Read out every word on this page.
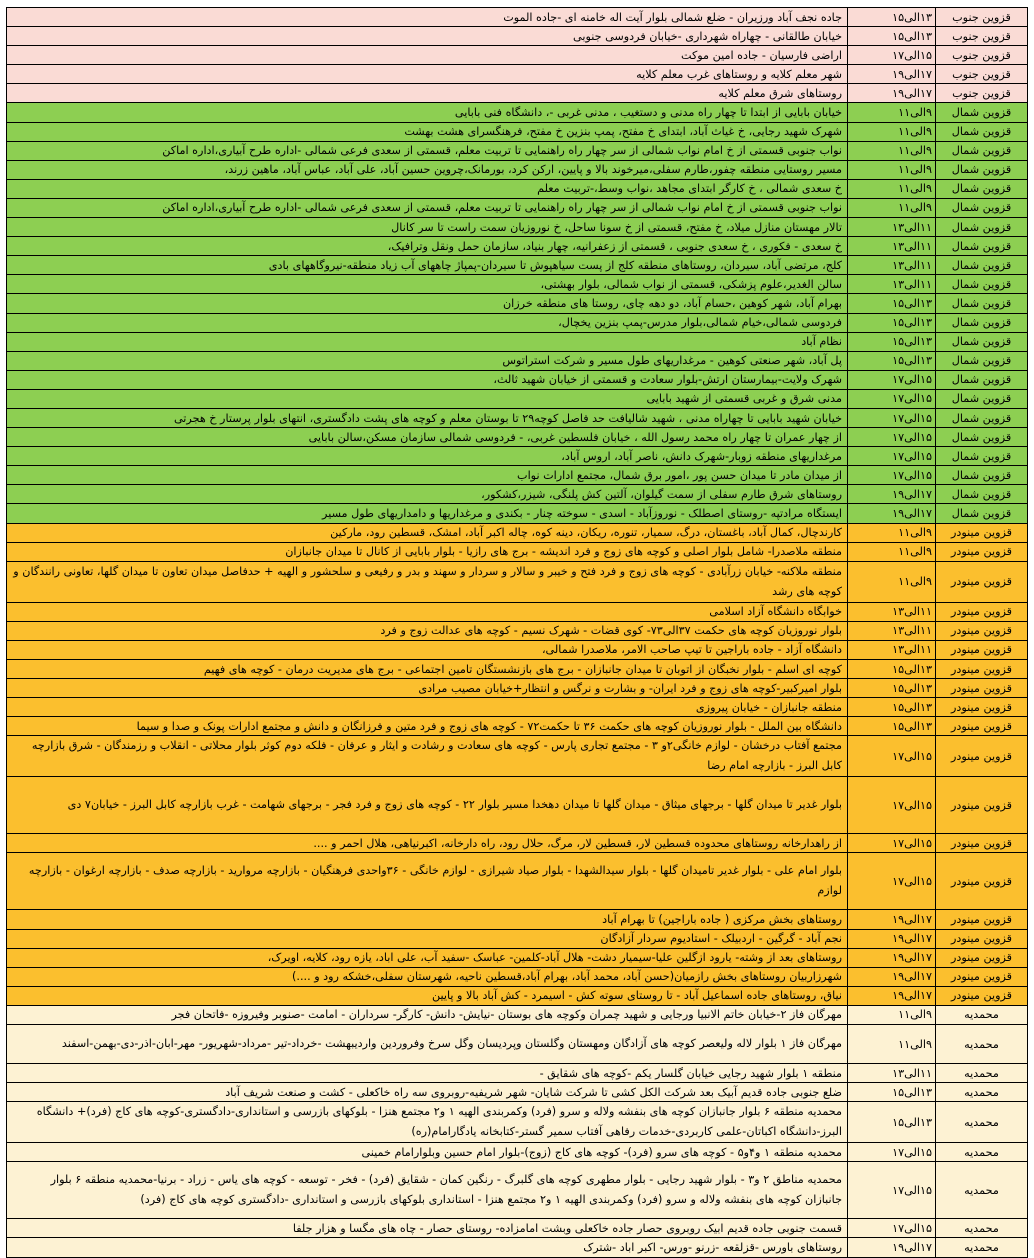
قزوین جنوب	۱۳الی۱۵	جاده نجف آباد ورزیران - ضلع شمالی بلوار آیت اله خامنه ای -جاده الموت
قزوین جنوب	۱۳الی۱۵	خیابان طالقانی - چهاراه شهرداری -خیابان فردوسی جنوبی
قزوین جنوب	۱۵الی۱۷	اراضی فارسیان - جاده امین موکت
قزوین جنوب	۱۷الی۱۹	شهر معلم کلایه و روستاهای غرب معلم کلایه
قزوین جنوب	۱۷الی۱۹	روستاهای شرق معلم کلایه
قزوین شمال	۹الی۱۱	خیابان بابایی از ابتدا تا چهار راه مدنی و دستغیب ، مدنی غربی -، دانشگاه فنی بابایی
قزوین شمال	۹الی۱۱	شهرک شهید رجایی، خ غیاث آباد، ابتدای خ مفتح، پمپ بنزین خ مفتح، فرهنگسرای هشت بهشت
قزوین شمال	۹الی۱۱	نواب جنوبی قسمتی از خ امام نواب شمالی از سر چهار راه راهنمایی تا تربیت معلم، قسمتی از سعدی فرعی شمالی -اداره طرح آبیاری،اداره اماکن
قزوین شمال	۹الی۱۱	مسیر روستایی منطقه چفور،طارم سفلی،میرخوند بالا و پایین، ارکن کرد، بورمانک،چروین حسین آباد، علی آباد، عباس آباد، ماهین زرند،
قزوین شمال	۹الی۱۱	خ سعدی شمالی ، خ کارگر ابتدای مجاهد ،نواب وسط،-تربیت معلم
قزوین شمال	۹الی۱۱	نواب جنوبی قسمتی از خ امام نواب شمالی از سر چهار راه راهنمایی تا تربیت معلم، قسمتی از سعدی فرعی شمالی -اداره طرح آبیاری،اداره اماکن
قزوین شمال	۱۱الی۱۳	تالار مهستان منازل میلاد، خ مفتح، قسمتی از خ سونا ساحل، خ نوروزیان سمت راست تا سر کانال
قزوین شمال	۱۱الی۱۳	خ سعدی - فکوری ، خ سعدی جنوبی ، قسمتی از زعفرانیه، چهار بنیاد، سازمان حمل ونقل وترافیک،
قزوین شمال	۱۱الی۱۳	کلج، مرتضی آباد، سیردان، روستاهای منطقه کلج از پست سیاهپوش تا سیردان-پمپاژ چاههای آب زیاد منطقه-نیروگاههای بادی
قزوین شمال	۱۱الی۱۳	سالن الغدیر،علوم پزشکی، قسمتی از نواب شمالی، بلوار بهشتی،
قزوین شمال	۱۳الی۱۵	بهرام آباد، شهر کوهین ،حسام آباد، دو دهه چای، روستا های منطقه خرزان
قزوین شمال	۱۳الی۱۵	فردوسی شمالی،خیام شمالی،بلوار مدرس-پمپ بنزین یخچال،
قزوین شمال	۱۳الی۱۵	نظام آباد
قزوین شمال	۱۳الی۱۵	پل آباد، شهر صنعتی کوهین - مرغداریهای طول مسیر و شرکت استراتوس
قزوین شمال	۱۵الی۱۷	شهرک ولایت-بیمارستان ارتش-بلوار سعادت و قسمتی از خیابان شهید ثالث،
قزوین شمال	۱۵الی۱۷	مدنی شرق و غربی قسمتی از شهید بابایی
قزوین شمال	۱۵الی۱۷	خیابان شهید بابایی تا چهاراه مدنی ، شهید شالیافت حد فاصل کوچه۲۹ تا بوستان معلم و کوچه های پشت دادگستری، انتهای بلوار پرستار خ هجرتی
قزوین شمال	۱۵الی۱۷	از چهار عمران تا چهار راه محمد رسول الله ، خیابان فلسطین غربی، - فردوسی شمالی سازمان مسکن،سالن بابایی
قزوین شمال	۱۵الی۱۷	مرغداریهای منطقه زوبار-شهرک دانش، ناصر آباد، اروس آباد،
قزوین شمال	۱۵الی۱۷	از میدان مادر تا میدان حسن پور ،امور برق شمال، مجتمع ادارات نواب
قزوین شمال	۱۷الی۱۹	روستاهای شرق طارم سفلی از سمت گیلوان، آلتین کش پلنگی، شیزر،کشکور،
قزوین شمال	۱۷الی۱۹	ایستگاه مرادتپه -روستای اصطلک - نوروزآباد - اسدی - سوخته چنار - بکندی و مرغداریها و دامداریهای طول مسیر
قزوین مینودر	۹الی۱۱	کارندچال، کمال آباد، باغستان، درگ، سمیار، تنوره، ریکان، دینه کوه، چاله اکبر آباد، امشک، قسطین رود، مارکین
قزوین مینودر	۹الی۱۱	منطقه ملاصدرا- شامل بلوار اصلی و کوچه های زوج و فرد اندیشه - برج های رازیا - بلوار بابایی از کانال تا میدان جانبازان
قزوین مینودر	۹الی۱۱	منطقه ملاکنه- خیابان زرآبادی - کوچه های زوج و فرد فتح و خیبر و سالار و سردار و سهند و بدر و رفیعی و سلحشور و الهیه + حدفاصل میدان تعاون تا میدان گلها، تعاونی رانندگان و کوچه های رشد
قزوین مینودر	۱۱الی۱۳	خوابگاه دانشگاه آزاد اسلامی
قزوین مینودر	۱۱الی۱۳	بلوار نوروزیان کوچه های حکمت ۳۷الی۷۳- کوی قضات - شهرک نسیم - کوچه های عدالت زوج و فرد
قزوین مینودر	۱۱الی۱۳	دانشگاه آزاد - جاده باراجین تا تیپ صاحب الامر، ملاصدرا شمالی،
قزوین مینودر	۱۳الی۱۵	کوچه ای اسلم - بلوار نخبگان از اتوبان تا میدان جانبازان - برج های بازنشستگان تامین اجتماعی - برج های مدیریت درمان - کوچه های فهیم
قزوین مینودر	۱۳الی۱۵	بلوار امیرکبیر-کوچه های زوج و فرد ایران- و بشارت و نرگس و انتظار+خیابان مصیب مرادی
قزوین مینودر	۱۳الی۱۵	منطقه جانبازان - خیابان پیروزی
قزوین مینودر	۱۳الی۱۵	دانشگاه بین الملل - بلوار نوروزیان کوچه های حکمت ۳۶ تا حکمت۷۲ - کوچه های زوج و فرد متین و فرزانگان و دانش و مجتمع ادارات پونک و صدا و سیما
قزوین مینودر	۱۵الی۱۷	مجتمع آفتاب درخشان - لوازم خانگی۲و ۳ - مجتمع تجاری پارس - کوچه های سعادت و رشادت و ایثار و عرفان - فلکه دوم کوثر بلوار محلاتی - انقلاب و رزمندگان - شرق بازارچه کابل البرز - بازارچه امام رضا
قزوین مینودر	۱۵الی۱۷	بلوار غدیر تا میدان گلها - برجهای میثاق - میدان گلها تا میدان دهخدا مسیر بلوار ۲۲ - کوچه های زوج و فرد فجر - برجهای شهامت - غرب بازارچه کابل البرز - خیابان۷ دی
قزوین مینودر	۱۵الی۱۷	از راهدارخانه روستاهای محدوده قسطین لار، قسطین لار، مرگ، حلال رود، راه دارخانه، اکبرنیاهی، هلال احمر و ....
قزوین مینودر	۱۵الی۱۷	بلوار امام علی - بلوار غدیر تامیدان گلها - بلوار سیدالشهدا - بلوار صیاد شیرازی - لوازم خانگی - ۳۶واحدی فرهنگیان - بازارچه مروارید - بازارچه صدف - بازارچه ارغوان - بازارچه لوازم
قزوین مینودر	۱۷الی۱۹	روستاهای بخش مرکزی ( جاده باراجین) تا بهرام آباد
قزوین مینودر	۱۷الی۱۹	نجم آباد - گرگین - اردبیلک - استادیوم سردار آزادگان
قزوین مینودر	۱۷الی۱۹	روستاهای بعد از وشته- یارود ازگلین علیا-سیمیار دشت- هلال آباد-کلمین- عباسک -سفید آب، علی اباد، یازه رود، کلایه، اویرک،
قزوین مینودر	۱۷الی۱۹	شهرزاربیان روستاهای بخش رازمیان(حسن آباد، محمد آباد، بهرام آباد،قسطین ناحیه، شهرستان سفلی،خشکه رود و ....)
قزوین مینودر	۱۷الی۱۹	نیاق، روستاهای جاده اسماعیل آباد - تا روستای سوته کش - اسیمرد - کش آباد بالا و پایین
محمدیه	۹الی۱۱	مهرگان فاز ۲-خیابان خاتم الانبیا ورجایی و شهید چمران وکوچه های بوستان -نیایش- دانش- کارگر- سرداران - امامت -صنوبر وفیروزه -فاتحان فجر
محمدیه	۹الی۱۱	مهرگان فاز ۱ بلوار لاله ولیعصر کوچه های آزادگان ومهستان وگلستان وپردیسان وگل سرخ وفروردین واردیبهشت -خرداد-تیر -مرداد-شهریور- مهر-ابان-اذر-دی-بهمن-اسفند
محمدیه	۱۱الی۱۳	منطقه ۱ بلوار شهید رجایی خیابان گلسار یکم -کوچه های شقایق -
محمدیه	۱۳الی۱۵	ضلع جنوبی جاده قدیم آبیک بعد شرکت الکل کشی تا شرکت شایان- شهر شریفیه-روبروی سه راه خاکعلی - کشت و صنعت شریف آباد
محمدیه	۱۳الی۱۵	محمدیه منطقه ۶ بلوار جانبازان کوچه های بنفشه ولاله و سرو (فرد) وکمربندی الهیه ۱ و۲ مجتمع هنزا - بلوکهای بازرسی و استانداری-دادگستری-کوچه های کاج (فرد)+ دانشگاه البرز-دانشگاه اکباتان-علمی کاربردی-خدمات رفاهی آفتاب سمیر گستر-کتابخانه یادگارامام(ره)
محمدیه	۱۵الی۱۷	محمدیه منطقه ۱ و۴و۵ - کوچه های سرو (فرد)- کوچه های کاج (زوج)-بلوار امام حسین وبلوارامام خمینی
محمدیه	۱۵الی۱۷	محمدیه مناطق ۲ و۳ - بلوار شهید رجایی - بلوار مطهری کوچه های گلبرگ - رنگین کمان - شقایق (فرد) - فخر - توسعه - کوچه های یاس - زراد - برنیا-محمدیه منطقه ۶ بلوار جانبازان کوچه های بنفشه ولاله و سرو (فرد) وکمربندی الهیه ۱ و۲ مجتمع هنزا - استانداری بلوکهای بازرسی و استانداری -دادگستری کوچه های کاج (فرد)
محمدیه	۱۵الی۱۷	قسمت جنوبی جاده قدیم ابیک روبروی حصار جاده خاکعلی وبشت امامزاده- روستای حصار - چاه های مگسا و هزار جلفا
محمدیه	۱۷الی۱۹	روستاهای باورس -قزلقعه -زرنو -ورس- اکبر اباد -شترک
